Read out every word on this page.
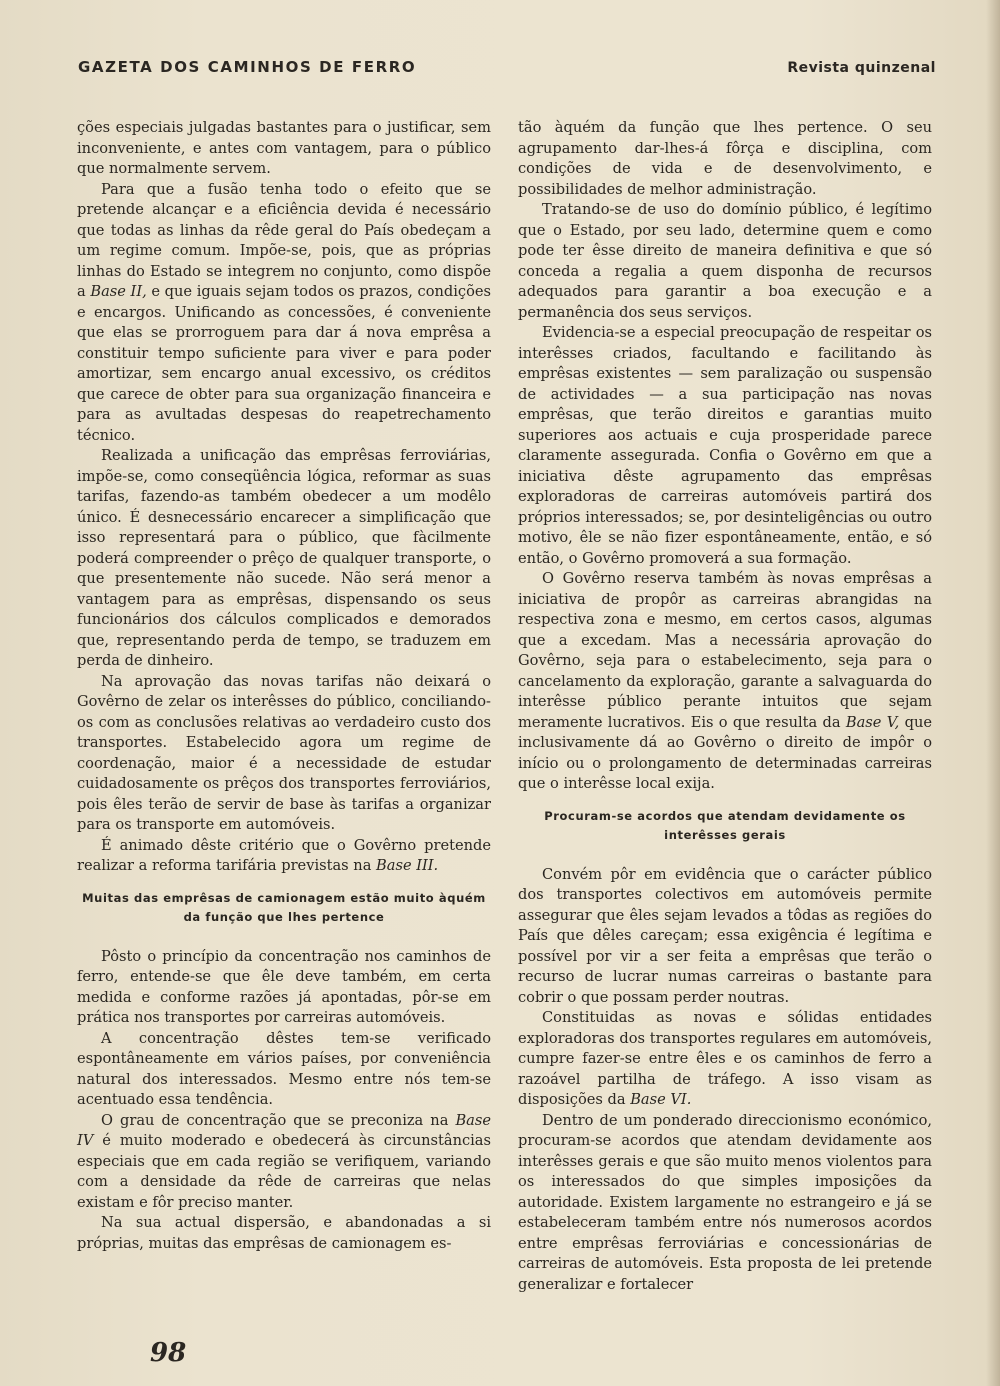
GAZETA DOS CAMINHOS DE FERRO	Revista quinzenal

ções especiais julgadas bastantes para o justificar, sem inconveniente, e antes com vantagem, para o público que normalmente servem.

Para que a fusão tenha todo o efeito que se pretende alcançar e a eficiência devida é necessário que todas as linhas da rêde geral do País obedeçam a um regime comum. Impõe-se, pois, que as próprias linhas do Estado se integrem no conjunto, como dispõe a Base II, e que iguais sejam todos os prazos, condições e encargos. Unificando as concessões, é conveniente que elas se prorroguem para dar á nova emprêsa a constituir tempo suficiente para viver e para poder amortizar, sem encargo anual excessivo, os créditos que carece de obter para sua organização financeira e para as avultadas despesas do reapetrechamento técnico.

Realizada a unificação das emprêsas ferroviárias, impõe-se, como conseqüência lógica, reformar as suas tarifas, fazendo-as também obedecer a um modêlo único. É desnecessário encarecer a simplificação que isso representará para o público, que fàcilmente poderá compreender o prêço de qualquer transporte, o que presentemente não sucede. Não será menor a vantagem para as emprêsas, dispensando os seus funcionários dos cálculos complicados e demorados que, representando perda de tempo, se traduzem em perda de dinheiro.

Na aprovação das novas tarifas não deixará o Govêrno de zelar os interêsses do público, conciliando-os com as conclusões relativas ao verdadeiro custo dos transportes. Estabelecido agora um regime de coordenação, maior é a necessidade de estudar cuidadosamente os prêços dos transportes ferroviários, pois êles terão de servir de base às tarifas a organizar para os transporte em automóveis.

É animado dêste critério que o Govêrno pretende realizar a reforma tarifária previstas na Base III.

Muitas das emprêsas de camionagem estão muito àquém da função que lhes pertence

Pôsto o princípio da concentração nos caminhos de ferro, entende-se que êle deve também, em certa medida e conforme razões já apontadas, pôr-se em prática nos transportes por carreiras automóveis.

A concentração dêstes tem-se verificado espontâneamente em vários países, por conveniência natural dos interessados. Mesmo entre nós tem-se acentuado essa tendência.

O grau de concentração que se preconiza na Base IV é muito moderado e obedecerá às circunstâncias especiais que em cada região se verifiquem, variando com a densidade da rêde de carreiras que nelas existam e fôr preciso manter.

Na sua actual dispersão, e abandonadas a si próprias, muitas das emprêsas de camionagem es-

tão àquém da função que lhes pertence. O seu agrupamento dar-lhes-á fôrça e disciplina, com condições de vida e de desenvolvimento, e possibilidades de melhor administração.

Tratando-se de uso do domínio público, é legítimo que o Estado, por seu lado, determine quem e como pode ter êsse direito de maneira definitiva e que só conceda a regalia a quem disponha de recursos adequados para garantir a boa execução e a permanência dos seus serviços.

Evidencia-se a especial preocupação de respeitar os interêsses criados, facultando e facilitando às emprêsas existentes — sem paralização ou suspensão de actividades — a sua participação nas novas emprêsas, que terão direitos e garantias muito superiores aos actuais e cuja prosperidade parece claramente assegurada. Confia o Govêrno em que a iniciativa dêste agrupamento das emprêsas exploradoras de carreiras automóveis partirá dos próprios interessados; se, por desinteligências ou outro motivo, êle se não fizer espontâneamente, então, e só então, o Govêrno promoverá a sua formação.

O Govêrno reserva também às novas emprêsas a iniciativa de propôr as carreiras abrangidas na respectiva zona e mesmo, em certos casos, algumas que a excedam. Mas a necessária aprovação do Govêrno, seja para o estabelecimento, seja para o cancelamento da exploração, garante a salvaguarda do interêsse público perante intuitos que sejam meramente lucrativos. Eis o que resulta da Base V, que inclusivamente dá ao Govêrno o direito de impôr o início ou o prolongamento de determinadas carreiras que o interêsse local exija.

Procuram-se acordos que atendam devidamente os interêsses gerais

Convém pôr em evidência que o carácter público dos transportes colectivos em automóveis permite assegurar que êles sejam levados a tôdas as regiões do País que dêles careçam; essa exigência é legítima e possível por vir a ser feita a emprêsas que terão o recurso de lucrar numas carreiras o bastante para cobrir o que possam perder noutras.

Constituidas as novas e sólidas entidades exploradoras dos transportes regulares em automóveis, cumpre fazer-se entre êles e os caminhos de ferro a razoável partilha de tráfego. A isso visam as disposições da Base VI.

Dentro de um ponderado direccionismo económico, procuram-se acordos que atendam devidamente aos interêsses gerais e que são muito menos violentos para os interessados do que simples imposições da autoridade. Existem largamente no estrangeiro e já se estabeleceram também entre nós numerosos acordos entre emprêsas ferroviárias e concessionárias de carreiras de automóveis. Esta proposta de lei pretende generalizar e fortalecer

98
